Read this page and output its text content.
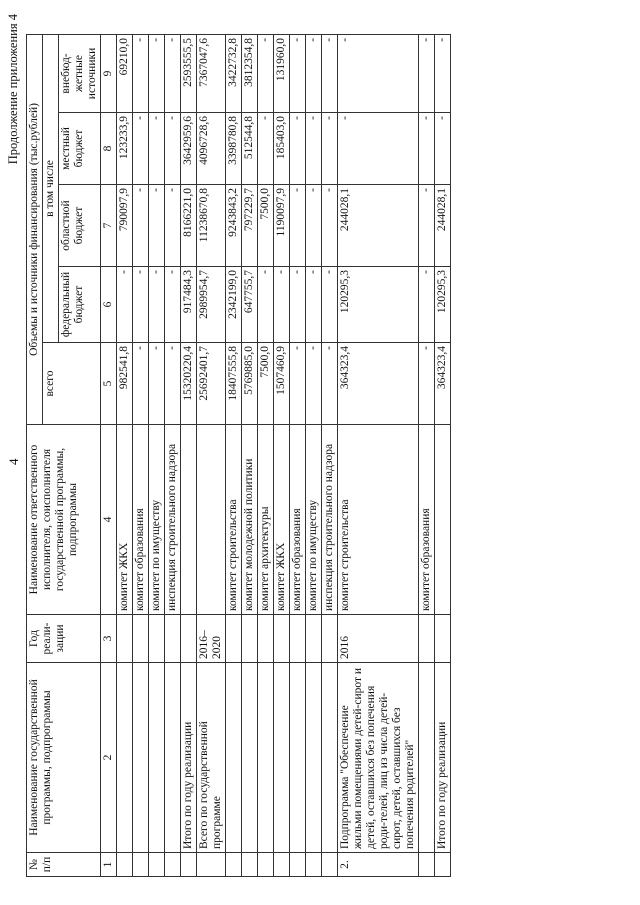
4
Продолжение приложения 4
№ п/п	Наименование государственной программы, подпрограммы	Год реали-зации	Наименование ответственного исполнителя, соисполнителя государственной программы, подпрограммы	Объемы и источники финансирования (тыс.рублей)				
				всего	в том числе			
					федеральный бюджет	областной бюджет	местный бюджет	внебюд-жетные источники
1	2	3	4	5	6	7	8	9
			комитет ЖКХ	982541,8	-	790097,9	123233,9	69210,0
			комитет образования	-	-	-	-	-
			комитет по имуществу	-	-	-	-	-
			инспекция строительного надзора	-	-	-	-	-
	Итого по году реализации			15320220,4	917484,3	8166221,0	3642959,6	2593555,5
	Всего по государственной программе	2016–2020		25692401,7	2989954,7	11238670,8	4096728,6	7367047,6
			комитет строительства	18407555,8	2342199,0	9243843,2	3398780,8	3422732,8
			комитет молодежной политики	5769885,0	647755,7	797229,7	512544,8	3812354,8
			комитет архитектуры	7500,0	-	7500,0	-	-
			комитет ЖКХ	1507460,9	-	1190097,9	185403,0	131960,0
			комитет образования	-	-	-	-	-
			комитет по имуществу	-	-	-	-	-
			инспекция строительного надзора	-	-	-	-	-
2.	Подпрограмма "Обеспечение жильми помещениями детей-сирот и детей, оставшихся без попечения роди-телей, лиц из числа детей-сирот, детей, оставшихся без попечения родителей"	2016	комитет строительства	364323,4	120295,3	244028,1	-	-
			комитет образования	-	-	-	-	-
	Итого по году реализации			364323,4	120295,3	244028,1	-	-
